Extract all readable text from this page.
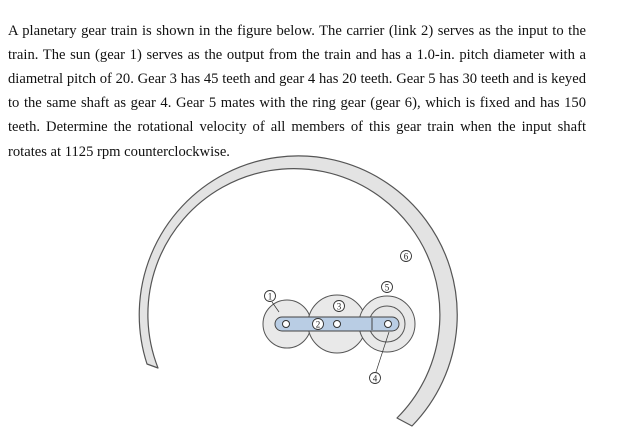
A planetary gear train is shown in the figure below. The carrier (link 2) serves as the input to the train. The sun (gear 1) serves as the output from the train and has a 1.0-in. pitch diameter with a diametral pitch of 20. Gear 3 has 45 teeth and gear 4 has 20 teeth. Gear 5 has 30 teeth and is keyed to the same shaft as gear 4. Gear 5 mates with the ring gear (gear 6), which is fixed and has 150 teeth. Determine the rotational velocity of all members of this gear train when the input shaft rotates at 1125 rpm counterclockwise.

2
1
3
5
4
6
